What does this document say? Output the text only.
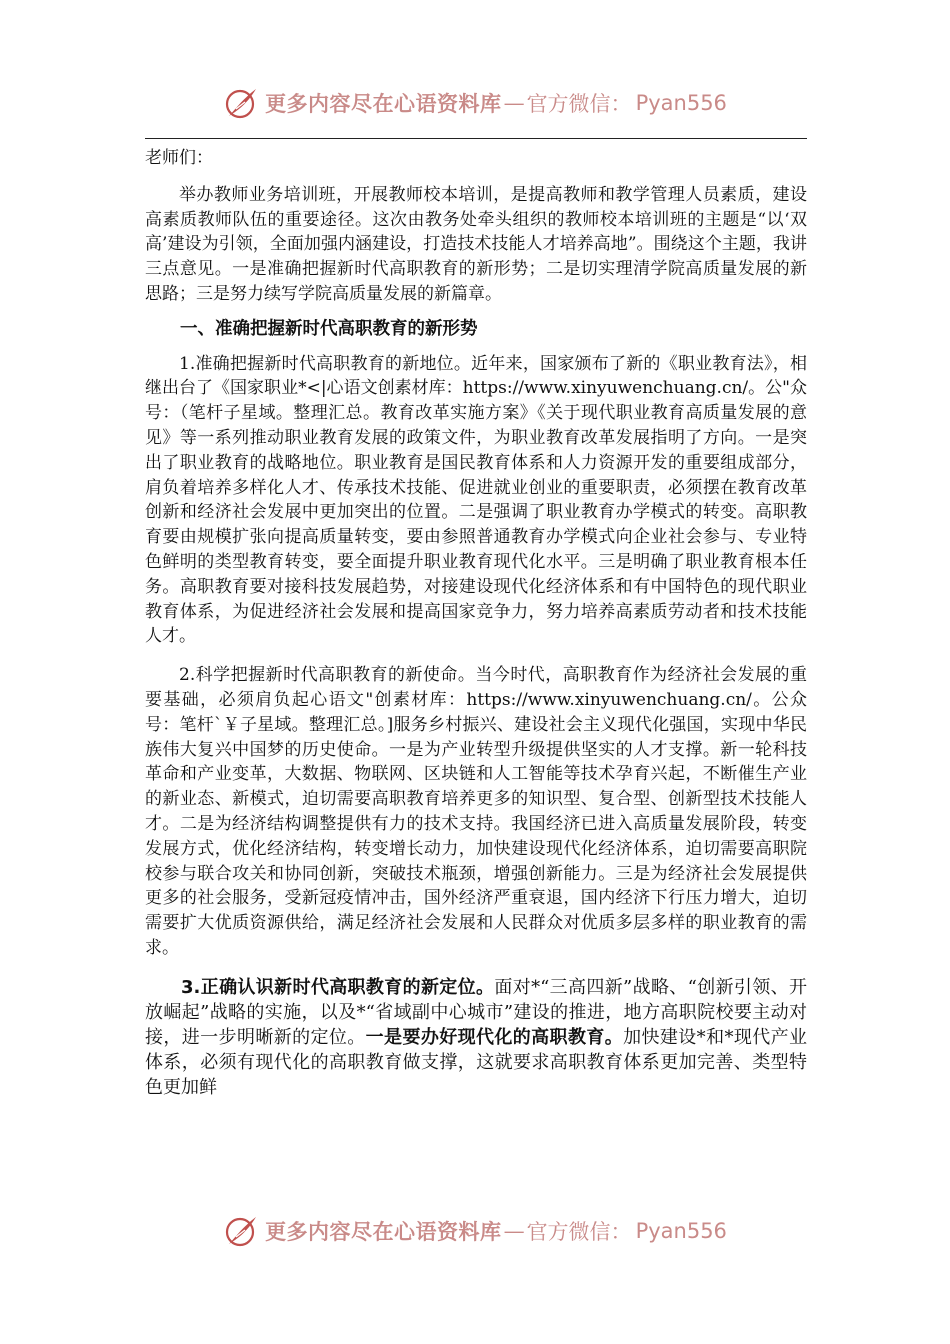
更多内容尽在心语资料库 — 官方微信： Pyan556

老师们：

举办教师业务培训班，开展教师校本培训，是提高教师和教学管理人员素质，建设高素质教师队伍的重要途径。这次由教务处牵头组织的教师校本培训班的主题是“以‘双高’建设为引领，全面加强内涵建设，打造技术技能人才培养高地”。围绕这个主题，我讲三点意见。一是准确把握新时代高职教育的新形势；二是切实理清学院高质量发展的新思路；三是努力续写学院高质量发展的新篇章。

一、准确把握新时代高职教育的新形势

1.准确把握新时代高职教育的新地位。近年来，国家颁布了新的《职业教育法》，相继出台了《国家职业*<|心语文创素材库：https://www.xinyuwenchuang.cn/。公"众号：（笔杆子星域。整理汇总。教育改革实施方案》《关于现代职业教育高质量发展的意见》等一系列推动职业教育发展的政策文件，为职业教育改革发展指明了方向。一是突出了职业教育的战略地位。职业教育是国民教育体系和人力资源开发的重要组成部分，肩负着培养多样化人才、传承技术技能、促进就业创业的重要职责，必须摆在教育改革创新和经济社会发展中更加突出的位置。二是强调了职业教育办学模式的转变。高职教育要由规模扩张向提高质量转变，要由参照普通教育办学模式向企业社会参与、专业特色鲜明的类型教育转变，要全面提升职业教育现代化水平。三是明确了职业教育根本任务。高职教育要对接科技发展趋势，对接建设现代化经济体系和有中国特色的现代职业教育体系，为促进经济社会发展和提高国家竞争力，努力培养高素质劳动者和技术技能人才。

2.科学把握新时代高职教育的新使命。当今时代，高职教育作为经济社会发展的重要基础，必须肩负起心语文"创素材库：https://www.xinyuwenchuang.cn/。公众号：笔杆`￥子星域。整理汇总。]服务乡村振兴、建设社会主义现代化强国，实现中华民族伟大复兴中国梦的历史使命。一是为产业转型升级提供坚实的人才支撑。新一轮科技革命和产业变革，大数据、物联网、区块链和人工智能等技术孕育兴起，不断催生产业的新业态、新模式，迫切需要高职教育培养更多的知识型、复合型、创新型技术技能人才。二是为经济结构调整提供有力的技术支持。我国经济已进入高质量发展阶段，转变发展方式，优化经济结构，转变增长动力，加快建设现代化经济体系，迫切需要高职院校参与联合攻关和协同创新，突破技术瓶颈，增强创新能力。三是为经济社会发展提供更多的社会服务，受新冠疫情冲击，国外经济严重衰退，国内经济下行压力增大，迫切需要扩大优质资源供给，满足经济社会发展和人民群众对优质多层多样的职业教育的需求。

3.正确认识新时代高职教育的新定位。面对*“三高四新”战略、“创新引领、开放崛起”战略的实施，以及*“省域副中心城市”建设的推进，地方高职院校要主动对接，进一步明晰新的定位。一是要办好现代化的高职教育。加快建设*和*现代产业体系，必须有现代化的高职教育做支撑，这就要求高职教育体系更加完善、类型特色更加鲜

更多内容尽在心语资料库 — 官方微信： Pyan556
